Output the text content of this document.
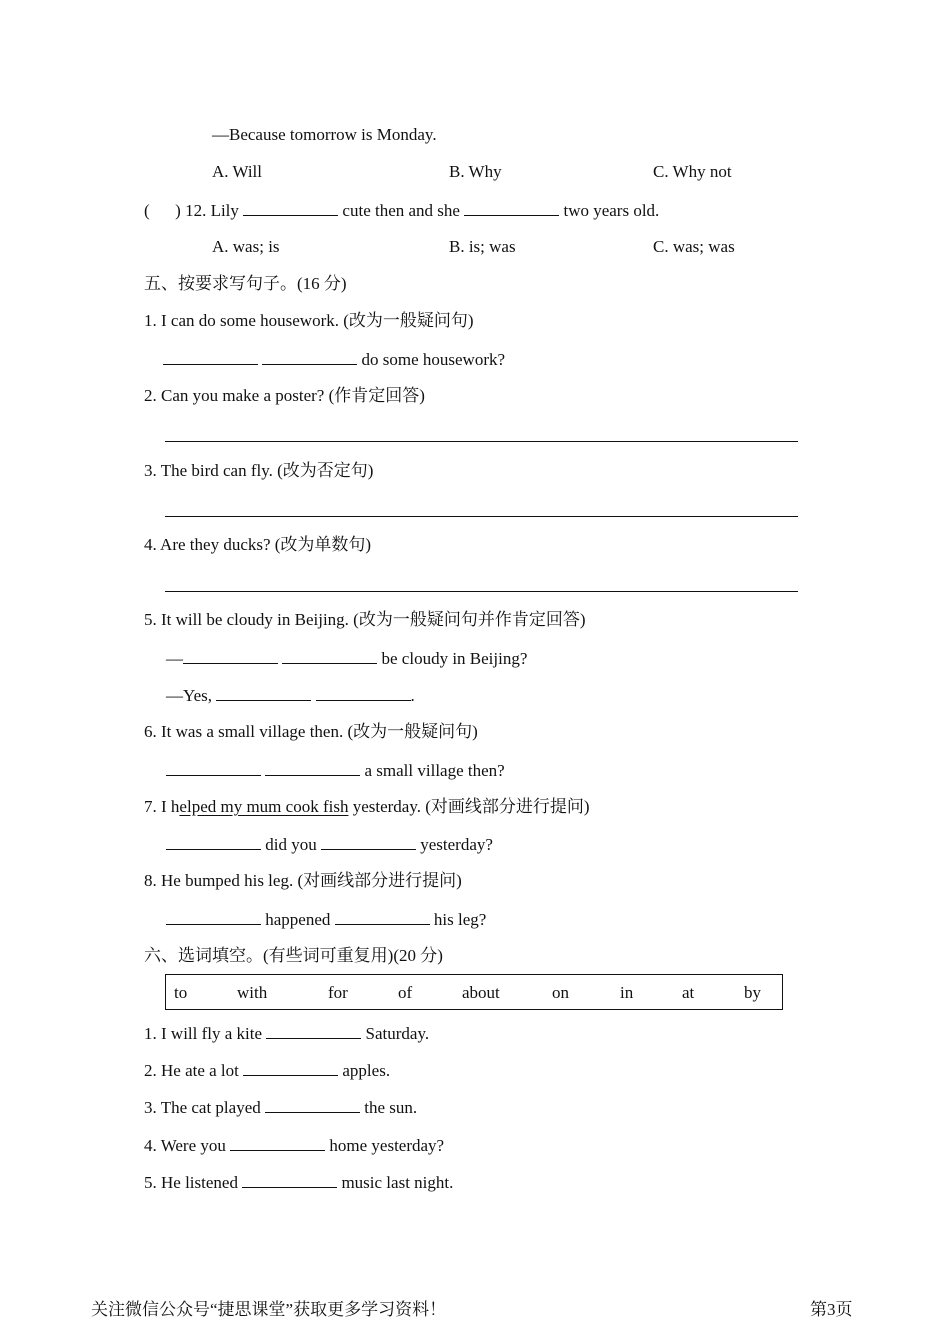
—Because tomorrow is Monday.
A. Will	B. Why	C. Why not
(      ) 12. Lily	cute then and she	two years old.
A. was; is	B. is; was	C. was; was
五、按要求写句子。(16 分)
1. I can do some housework. (改为一般疑问句)
do some housework?
2. Can you make a poster? (作肯定回答)
3. The bird can fly. (改为否定句)
4. Are they ducks? (改为单数句)
5. It will be cloudy in Beijing. (改为一般疑问句并作肯定回答)
—	be cloudy in Beijing?
—Yes,	.
6. It was a small village then. (改为一般疑问句)
a small village then?
7. I helped my mum cook fish yesterday. (对画线部分进行提问)
did you	yesterday?
8. He bumped his leg. (对画线部分进行提问)
happened	his leg?
六、选词填空。(有些词可重复用)(20 分)
to	with	for	of	about	on	in	at	by
1. I will fly a kite	Saturday.
2. He ate a lot	apples.
3. The cat played	the sun.
4. Were you	home yesterday?
5. He listened	music last night.
关注微信公众号“捷思课堂”获取更多学习资料！	第3页
